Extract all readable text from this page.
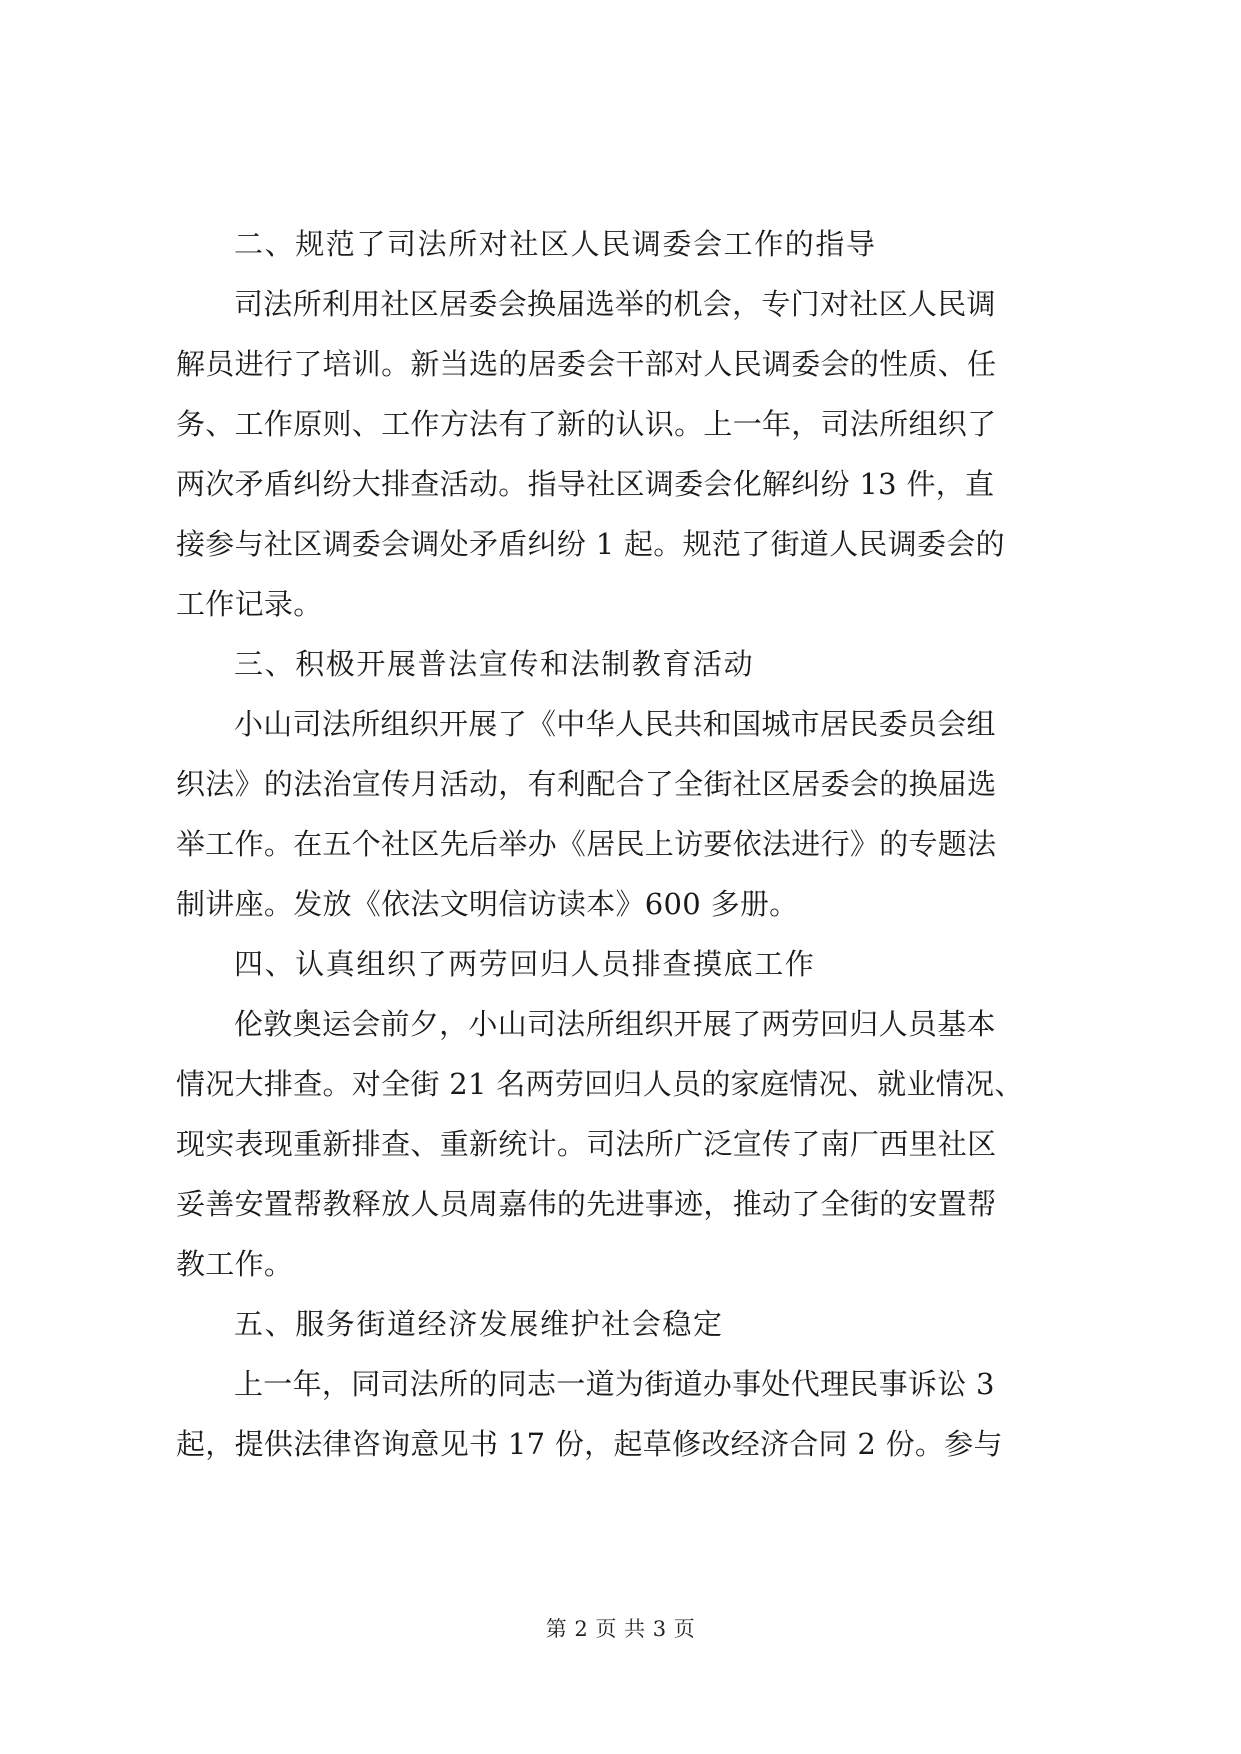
二、规范了司法所对社区人民调委会工作的指导
司法所利用社区居委会换届选举的机会，专门对社区人民调
解员进行了培训。新当选的居委会干部对人民调委会的性质、任
务、工作原则、工作方法有了新的认识。上一年，司法所组织了
两次矛盾纠纷大排查活动。指导社区调委会化解纠纷 13 件，直
接参与社区调委会调处矛盾纠纷 1 起。规范了街道人民调委会的
工作记录。
三、积极开展普法宣传和法制教育活动
小山司法所组织开展了《中华人民共和国城市居民委员会组
织法》的法治宣传月活动，有利配合了全街社区居委会的换届选
举工作。在五个社区先后举办《居民上访要依法进行》的专题法
制讲座。发放《依法文明信访读本》600 多册。
四、认真组织了两劳回归人员排查摸底工作
伦敦奥运会前夕，小山司法所组织开展了两劳回归人员基本
情况大排查。对全街 21 名两劳回归人员的家庭情况、就业情况、
现实表现重新排查、重新统计。司法所广泛宣传了南厂西里社区
妥善安置帮教释放人员周嘉伟的先进事迹，推动了全街的安置帮
教工作。
五、服务街道经济发展维护社会稳定
上一年，同司法所的同志一道为街道办事处代理民事诉讼 3
起，提供法律咨询意见书 17 份，起草修改经济合同 2 份。参与
第 2 页 共 3 页
